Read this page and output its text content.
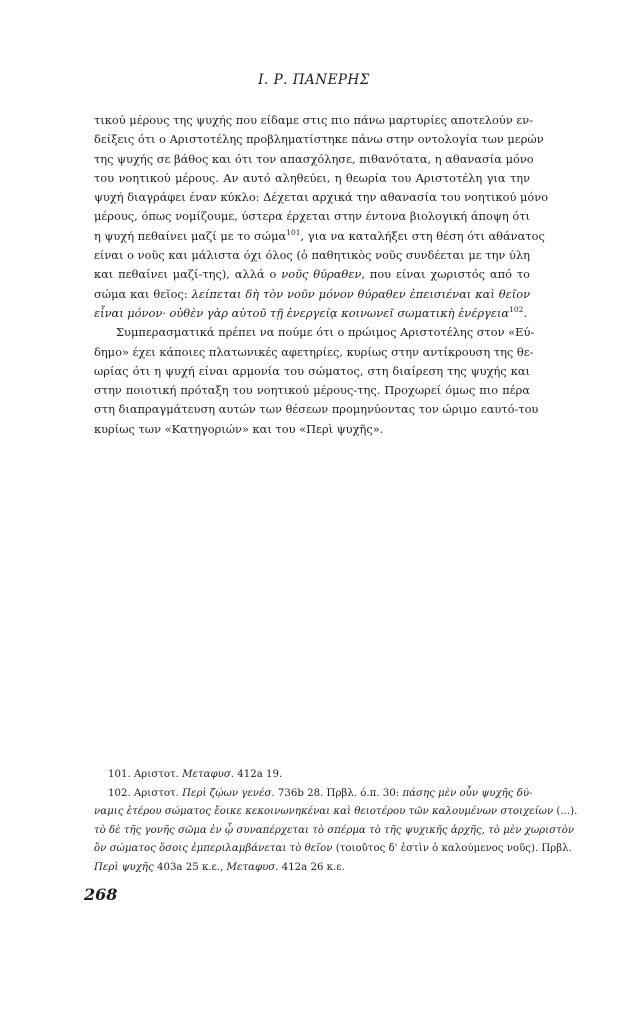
Ι. Ρ. ΠΑΝΕΡΗΣ
τικού μέρους της ψυχής που είδαμε στις πιο πάνω μαρτυρίες αποτελούν εν-
δείξεις ότι ο Αριστοτέλης προβληματίστηκε πάνω στην οντολογία των μερών
της ψυχής σε βάθος και ότι τον απασχόλησε, πιθανότατα, η αθανασία μόνο
του νοητικού μέρους. Αν αυτό αληθεύει, η θεωρία του Αριστοτέλη για την
ψυχή διαγράφει έναν κύκλο: Δέχεται αρχικά την αθανασία του νοητικού μόνο
μέρους, όπως νομίζουμε, ύστερα έρχεται στην έντονα βιολογική άποψη ότι
η ψυχή πεθαίνει μαζί με το σώμα$^{101}$, για να καταλήξει στη θέση ότι αθάνατος
είναι ο νοῦς και μάλιστα όχι όλος (ὁ παθητικὸς νοῦς συνδέεται με την ύλη
και πεθαίνει μαζί-της), αλλά ο νοῦς θύραθεν, που είναι χωριστός από το
σώμα και θεῖος: λείπεται δὴ τὸν νοῦν μόνον θύραθεν ἐπεισιέναι καὶ θεῖον
εἶναι μόνον· οὐθὲν γὰρ αὐτοῦ τῇ ἐνεργείᾳ κοινωνεῖ σωματικὴ ἐνέργεια$^{102}$.
Συμπερασματικά πρέπει να πούμε ότι ο πρώιμος Αριστοτέλης στον «Εύ-
δημο» έχει κάποιες πλατωνικές αφετηρίες, κυρίως στην αντίκρουση της θε-
ωρίας ότι η ψυχή είναι αρμονία του σώματος, στη διαίρεση της ψυχής και
στην ποιοτική πρόταξη του νοητικού μέρους-της. Προχωρεί όμως πιο πέρα
στη διαπραγμάτευση αυτών των θέσεων προμηνύοντας τον ώριμο εαυτό-του
κυρίως των «Κατηγοριών» και του «Περὶ ψυχῆς».
101. Αριστοτ. Μεταφυσ. 412a 19.
102. Αριστοτ. Περὶ ζῴων γενέσ. 736b 28. Πρβλ. ό.π. 30: πάσης μὲν οὖν ψυχῆς δύ-
ναμις ἑτέρου σώματος ἔοικε κεκοινωνηκέναι καὶ θειοτέρου τῶν καλουμένων στοιχείων (...).
τὸ δὲ τῆς γονῆς σῶμα ἐν ᾧ συναπέρχεται τὸ σπέρμα τὸ τῆς ψυχικῆς ἀρχῆς, τὸ μὲν χωριστὸν
ὂν σώματος ὅσοις ἐμπεριλαμβάνεται τὸ θεῖον (τοιοῦτος δ' ἐστὶν ὁ καλούμενος νοῦς). Πρβλ.
Περὶ ψυχῆς 403a 25 κ.ε., Μεταφυσ. 412a 26 κ.ε.
268
